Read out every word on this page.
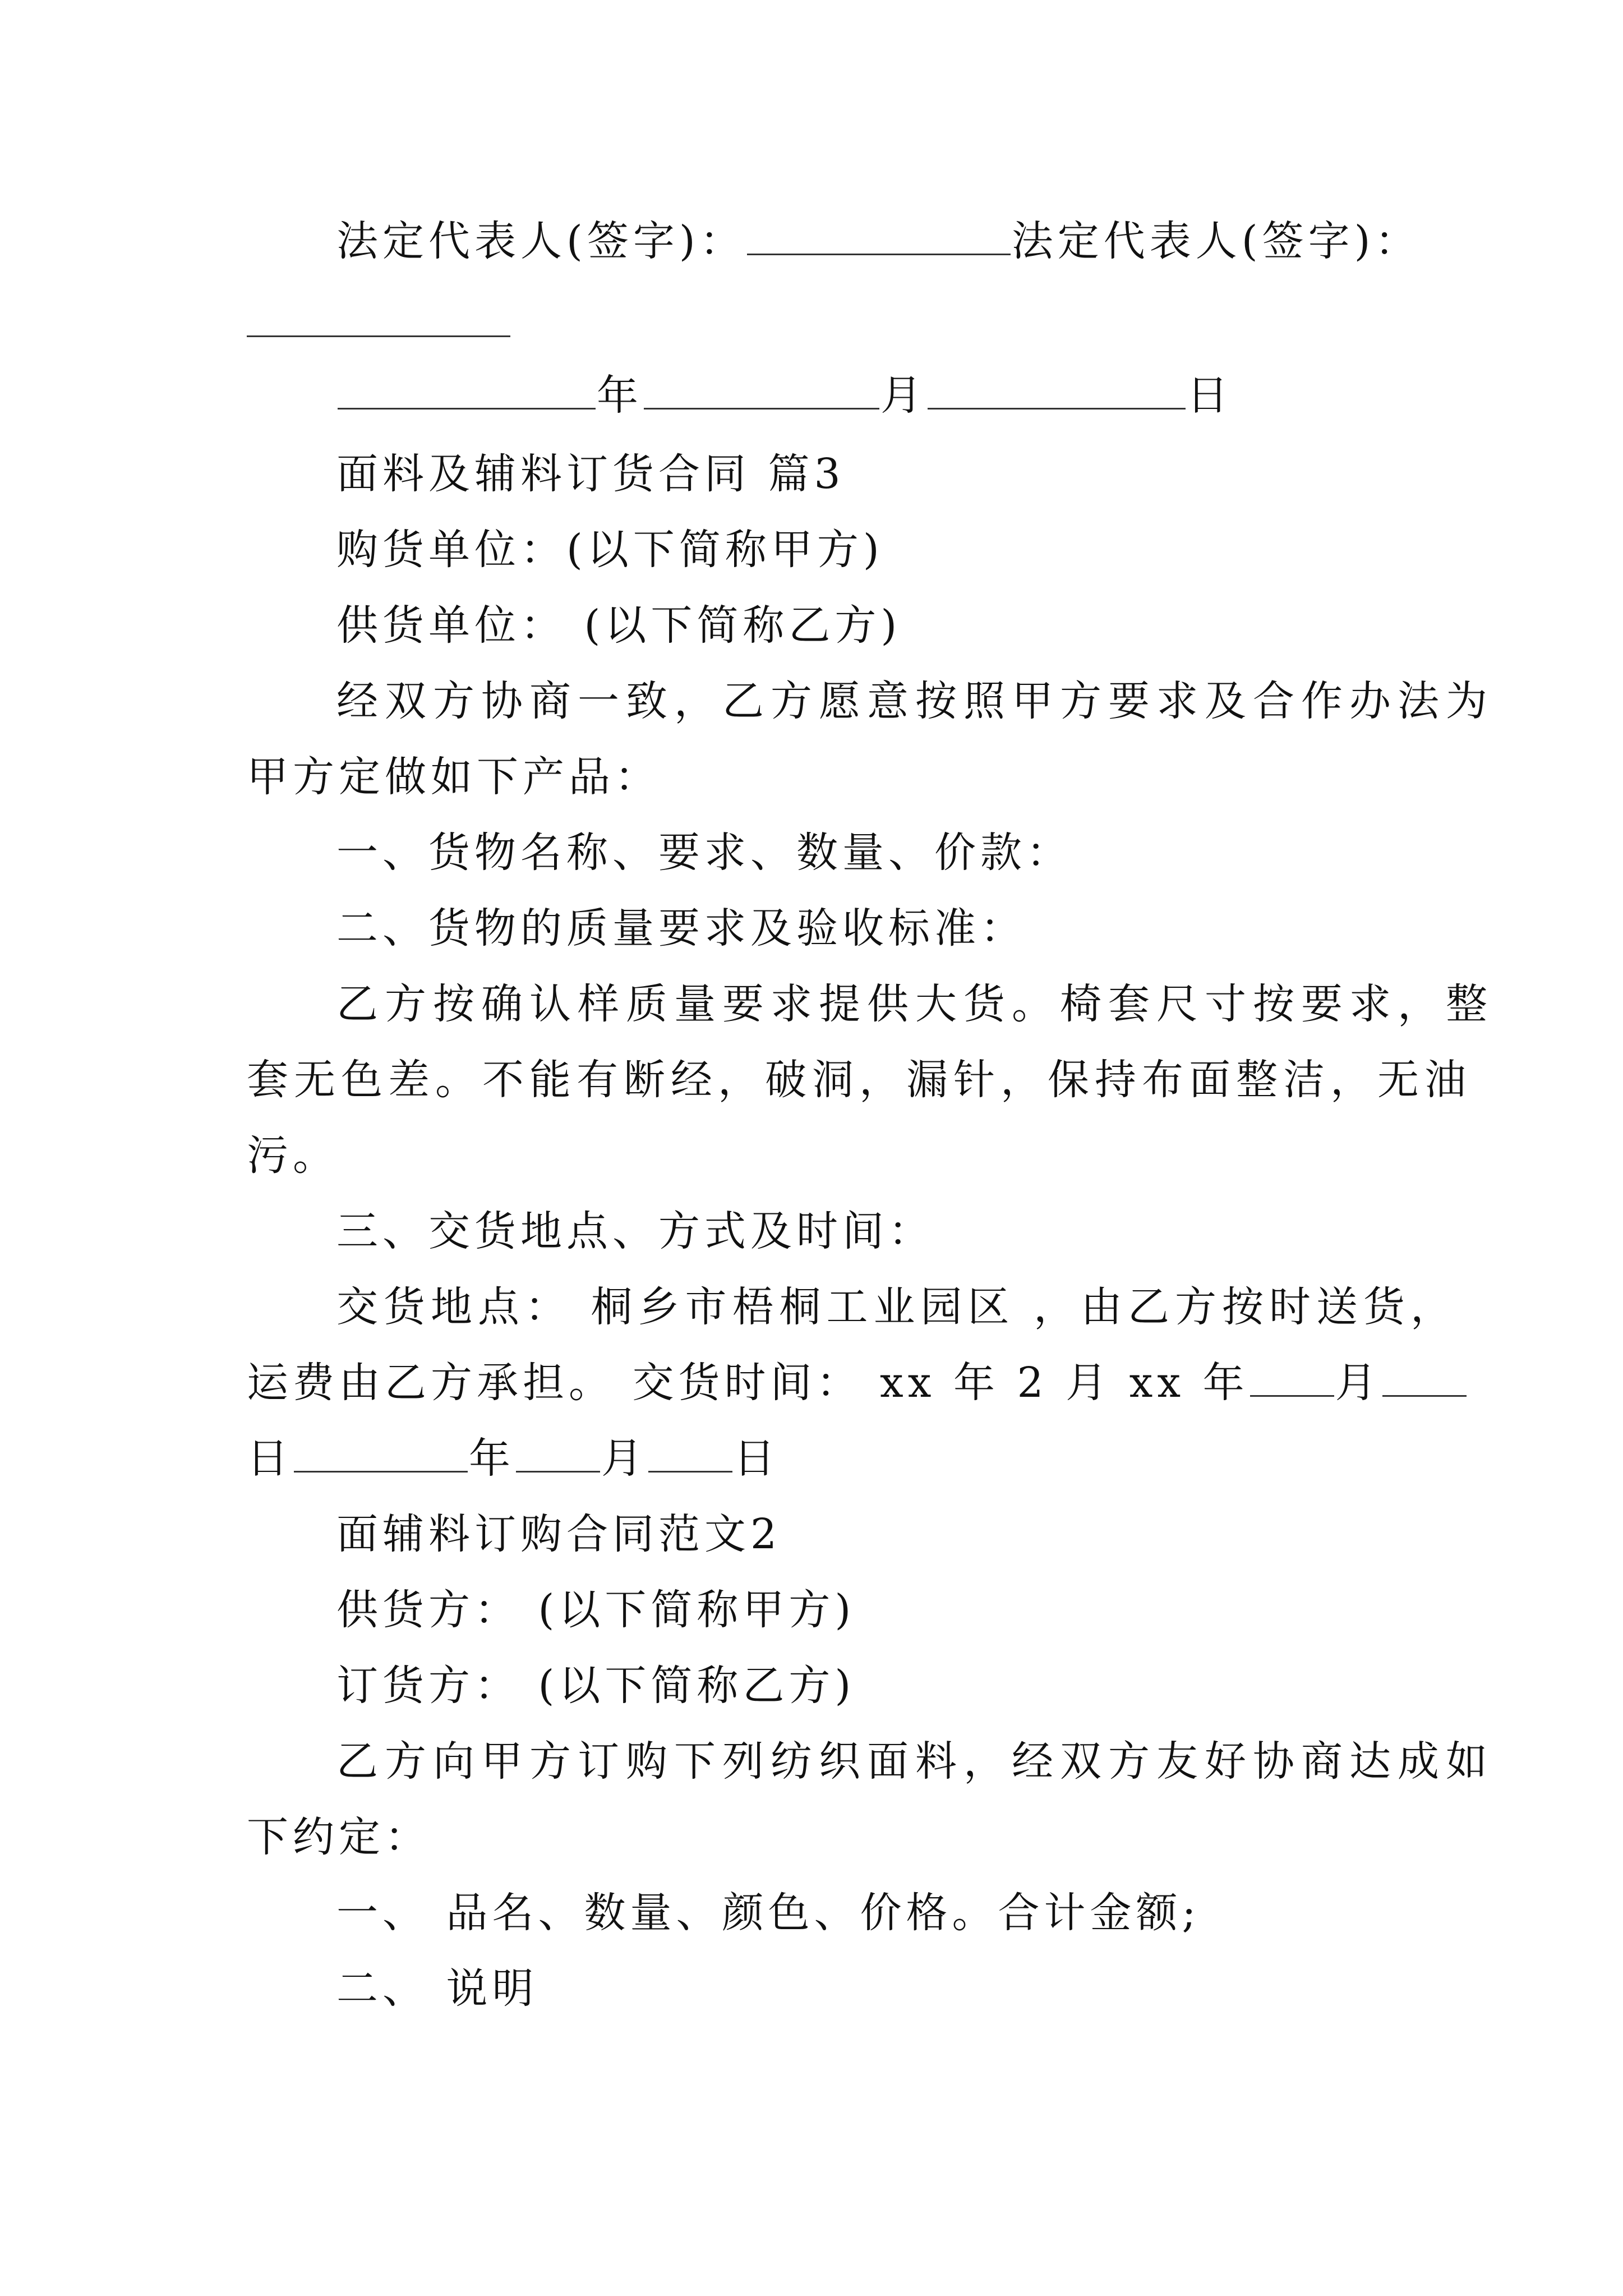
法定代表人(签字)：	法定代表人(签字)：
年	月	日
面料及辅料订货合同 篇3
购货单位：(以下简称甲方)
供货单位： (以下简称乙方)
经双方协商一致，乙方愿意按照甲方要求及合作办法为
甲方定做如下产品：
一、货物名称、要求、数量、价款：
二、货物的质量要求及验收标准：
乙方按确认样质量要求提供大货。椅套尺寸按要求，整
套无色差。不能有断经，破洞，漏针，保持布面整洁，无油
污。
三、交货地点、方式及时间：
交货地点： 桐乡市梧桐工业园区 ，由乙方按时送货，
运费由乙方承担。 交货时间： xx 年 2 月 xx 年 月
日	年 月 日
面辅料订购合同范文2
供货方： (以下简称甲方)
订货方： (以下简称乙方)
乙方向甲方订购下列纺织面料，经双方友好协商达成如
下约定：
一、 品名、数量、颜色、价格。合计金额;
二、 说明
